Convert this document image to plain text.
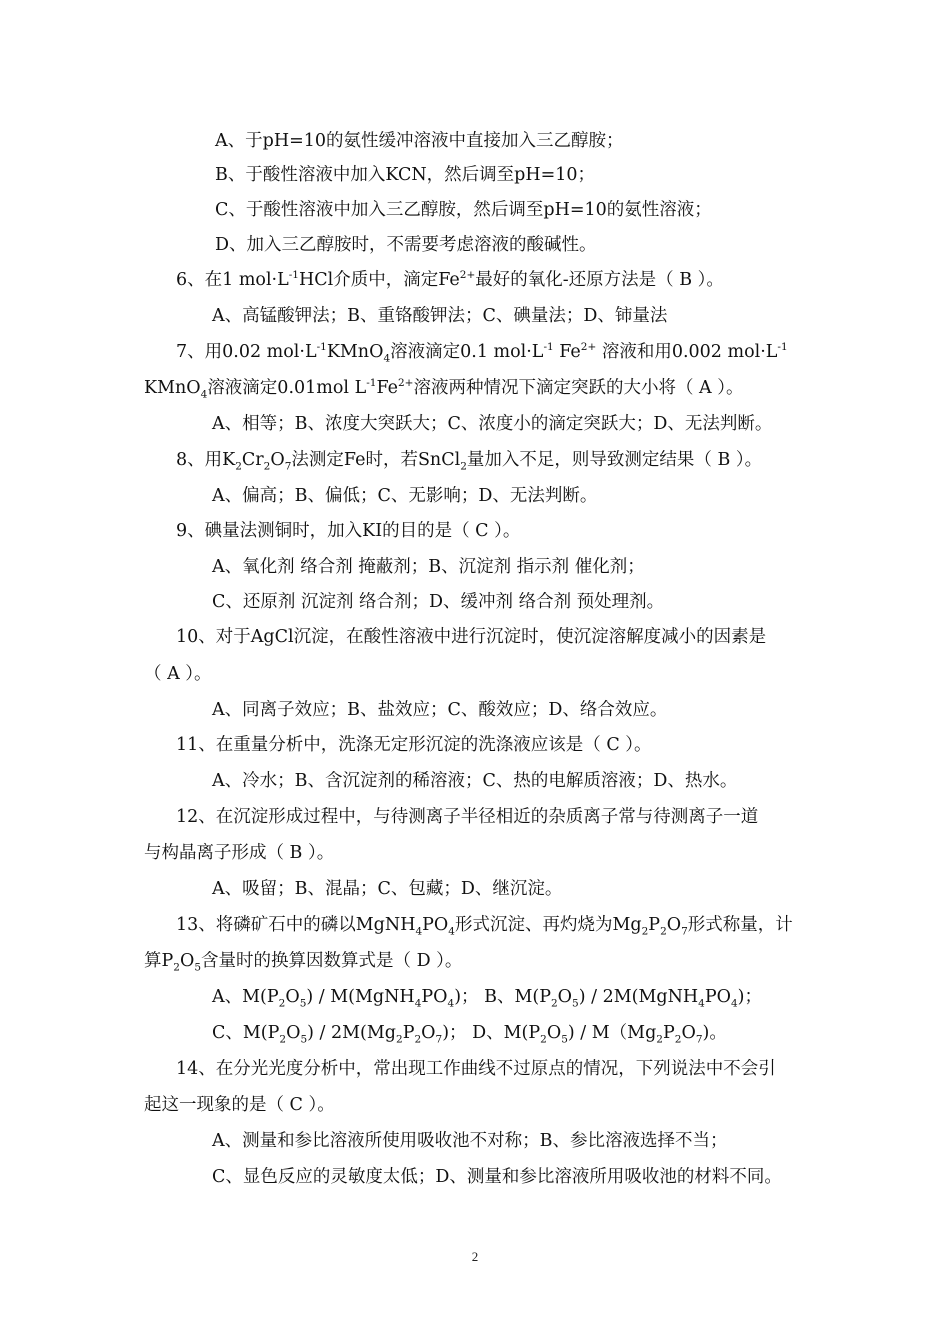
A、于pH=10的氨性缓冲溶液中直接加入三乙醇胺；
B、于酸性溶液中加入KCN，然后调至pH=10；
C、于酸性溶液中加入三乙醇胺，然后调至pH=10的氨性溶液；
D、加入三乙醇胺时，不需要考虑溶液的酸碱性。
6、在1 $mol\cdot L^{-1}HCl$介质中，滴定$Fe^{2+}$最好的氧化-还原方法是（ B ）。
A、高锰酸钾法；B、重铬酸钾法；C、碘量法；D、铈量法
7、用0.02 $mol\cdot L^{-1}KMnO_4$溶液滴定0.1 $mol\cdot L^{-1}$ $Fe^{2+}$ 溶液和用0.002 $mol\cdot L^{-1}$
KMnO$_4$溶液滴定0.01mol $L^{-1}Fe^{2+}$溶液两种情况下滴定突跃的大小将（ A ）。
A、相等；B、浓度大突跃大；C、浓度小的滴定突跃大；D、无法判断。
8、用$K_2Cr_2O_7$法测定Fe时，若SnCl$_2$量加入不足，则导致测定结果（ B ）。
A、偏高；B、偏低；C、无影响；D、无法判断。
9、碘量法测铜时，加入KI的目的是（ C ）。
A、氧化剂 络合剂 掩蔽剂；B、沉淀剂 指示剂 催化剂；
C、还原剂 沉淀剂 络合剂；D、缓冲剂 络合剂 预处理剂。
10、对于AgCl沉淀，在酸性溶液中进行沉淀时，使沉淀溶解度减小的因素是
（ A ）。
A、同离子效应；B、盐效应；C、酸效应；D、络合效应。
11、在重量分析中，洗涤无定形沉淀的洗涤液应该是（ C ）。
A、冷水；B、含沉淀剂的稀溶液；C、热的电解质溶液；D、热水。
12、在沉淀形成过程中，与待测离子半径相近的杂质离子常与待测离子一道
与构晶离子形成（ B ）。
A、吸留；B、混晶；C、包藏；D、继沉淀。
13、将磷矿石中的磷以$MgNH_4PO_4$形式沉淀、再灼烧为$Mg_2P_2O_7$形式称量，计
算$P_2O_5$含量时的换算因数算式是（ D ）。
A、$M(P_2O_5)$ / $M(MgNH_4PO_4)$； B、$M(P_2O_5)$ / $2M(MgNH_4PO_4)$；
C、$M(P_2O_5) / 2M(Mg_2P_2O_7)$； D、$M(P_2O_5) / M(Mg_2P_2O_7)$。
14、在分光光度分析中，常出现工作曲线不过原点的情况，下列说法中不会引
起这一现象的是（ C ）。
A、测量和参比溶液所使用吸收池不对称；B、参比溶液选择不当；
C、显色反应的灵敏度太低；D、测量和参比溶液所用吸收池的材料不同。
2
